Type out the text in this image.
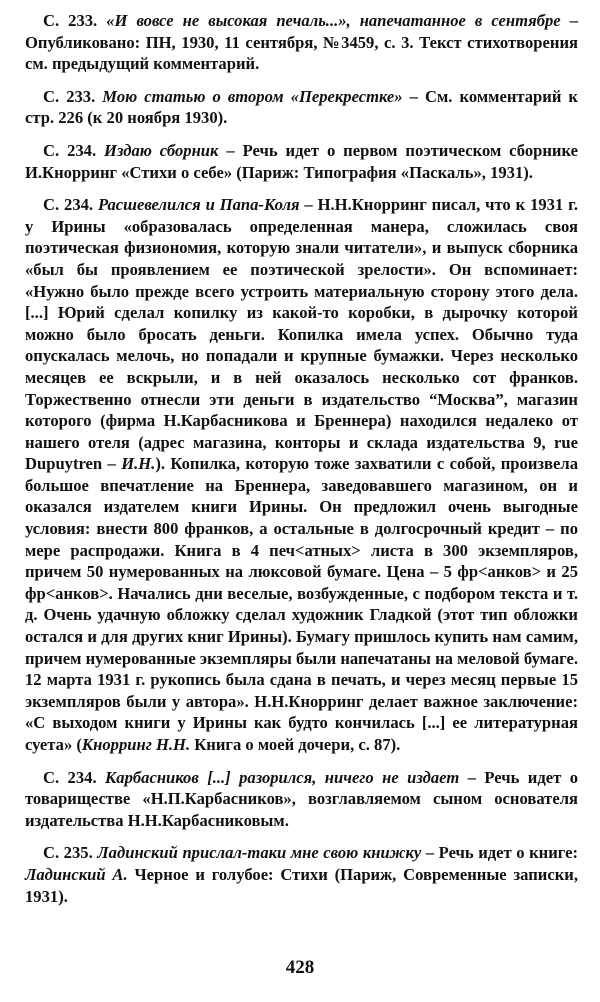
С. 233. «И вовсе не высокая печаль...», напечатанное в сентябре – Опубликовано: ПН, 1930, 11 сентября, №3459, с. 3. Текст стихотворения см. предыдущий комментарий.

С. 233. Мою статью о втором «Перекрестке» – См. комментарий к стр. 226 (к 20 ноября 1930).

С. 234. Издаю сборник – Речь идет о первом поэтическом сборнике И.Кнорринг «Стихи о себе» (Париж: Типография «Паскаль», 1931).

С. 234. Расшевелился и Папа-Коля – Н.Н.Кнорринг писал, что к 1931 г. у Ирины «образовалась определенная манера, сложилась своя поэтическая физиономия, которую знали читатели», и выпуск сборника «был бы проявлением ее поэтической зрелости». Он вспоминает: «Нужно было прежде всего устроить материальную сторону этого дела. [...] Юрий сделал копилку из какой-то коробки, в дырочку которой можно было бросать деньги. Копилка имела успех. Обычно туда опускалась мелочь, но попадали и крупные бумажки. Через несколько месяцев ее вскрыли, и в ней оказалось несколько сот франков. Торжественно отнесли эти деньги в издательство “Москва”, магазин которого (фирма Н.Карбасникова и Бреннера) находился недалеко от нашего отеля (адрес магазина, конторы и склада издательства 9, rue Dupuytren – И.Н.). Копилка, которую тоже захватили с собой, произвела большое впечатление на Бреннера, заведовавшего магазином, он и оказался издателем книги Ирины. Он предложил очень выгодные условия: внести 800 франков, а остальные в долгосрочный кредит – по мере распродажи. Книга в 4 печ<атных> листа в 300 экземпляров, причем 50 нумерованных на люксовой бумаге. Цена – 5 фр<анков> и 25 фр<анков>. Начались дни веселые, возбужденные, с подбором текста и т. д. Очень удачную обложку сделал художник Гладкой (этот тип обложки остался и для других книг Ирины). Бумагу пришлось купить нам самим, причем нумерованные экземпляры были напечатаны на меловой бумаге. 12 марта 1931 г. рукопись была сдана в печать, и через месяц первые 15 экземпляров были у автора». Н.Н.Кнорринг делает важное заключение: «С выходом книги у Ирины как будто кончилась [...] ее литературная суета» (Кнорринг Н.Н. Книга о моей дочери, с. 87).

С. 234. Карбасников [...] разорился, ничего не издает – Речь идет о товариществе «Н.П.Карбасников», возглавляемом сыном основателя издательства Н.Н.Карбасниковым.

С. 235. Ладинский прислал-таки мне свою книжку – Речь идет о книге: Ладинский А. Черное и голубое: Стихи (Париж, Современные записки, 1931).

428
